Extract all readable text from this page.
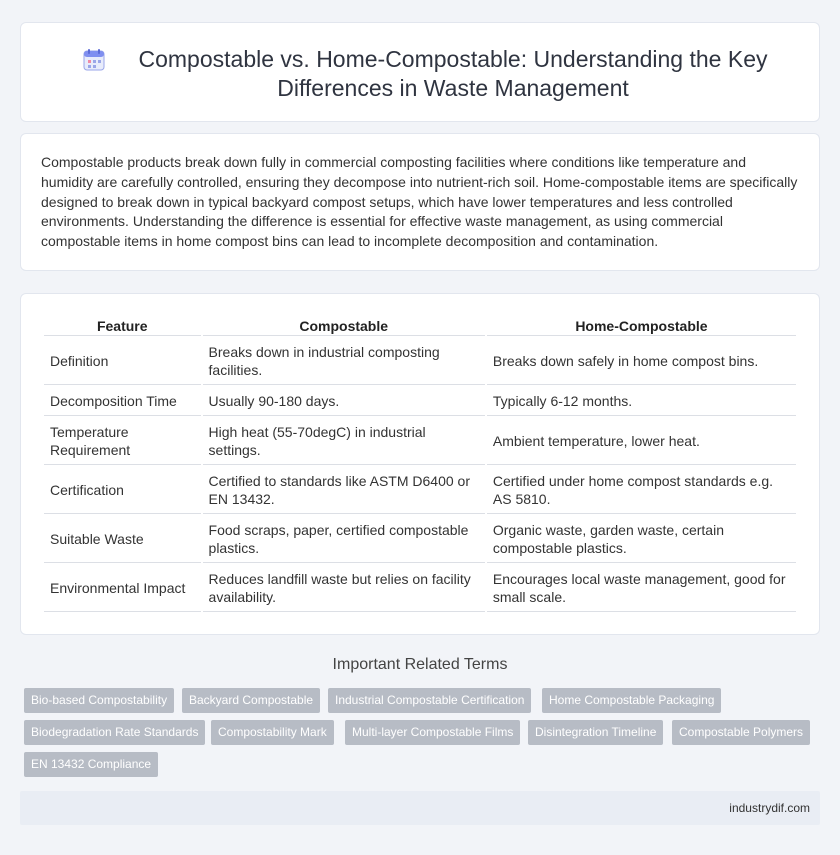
Compostable vs. Home-Compostable: Understanding the Key Differences in Waste Management

Compostable products break down fully in commercial composting facilities where conditions like temperature and humidity are carefully controlled, ensuring they decompose into nutrient-rich soil. Home-compostable items are specifically designed to break down in typical backyard compost setups, which have lower temperatures and less controlled environments. Understanding the difference is essential for effective waste management, as using commercial compostable items in home compost bins can lead to incomplete decomposition and contamination.

Feature	Compostable	Home-Compostable
Definition	Breaks down in industrial composting facilities.	Breaks down safely in home compost bins.
Decomposition Time	Usually 90-180 days.	Typically 6-12 months.
Temperature Requirement	High heat (55-70degC) in industrial settings.	Ambient temperature, lower heat.
Certification	Certified to standards like ASTM D6400 or EN 13432.	Certified under home compost standards e.g. AS 5810.
Suitable Waste	Food scraps, paper, certified compostable plastics.	Organic waste, garden waste, certain compostable plastics.
Environmental Impact	Reduces landfill waste but relies on facility availability.	Encourages local waste management, good for small scale.
Important Related Terms
Bio-based Compostability	Backyard Compostable	Industrial Compostable Certification	Home Compostable Packaging
Biodegradation Rate Standards	Compostability Mark	Multi-layer Compostable Films	Disintegration Timeline	Compostable Polymers
EN 13432 Compliance
industrydif.com
